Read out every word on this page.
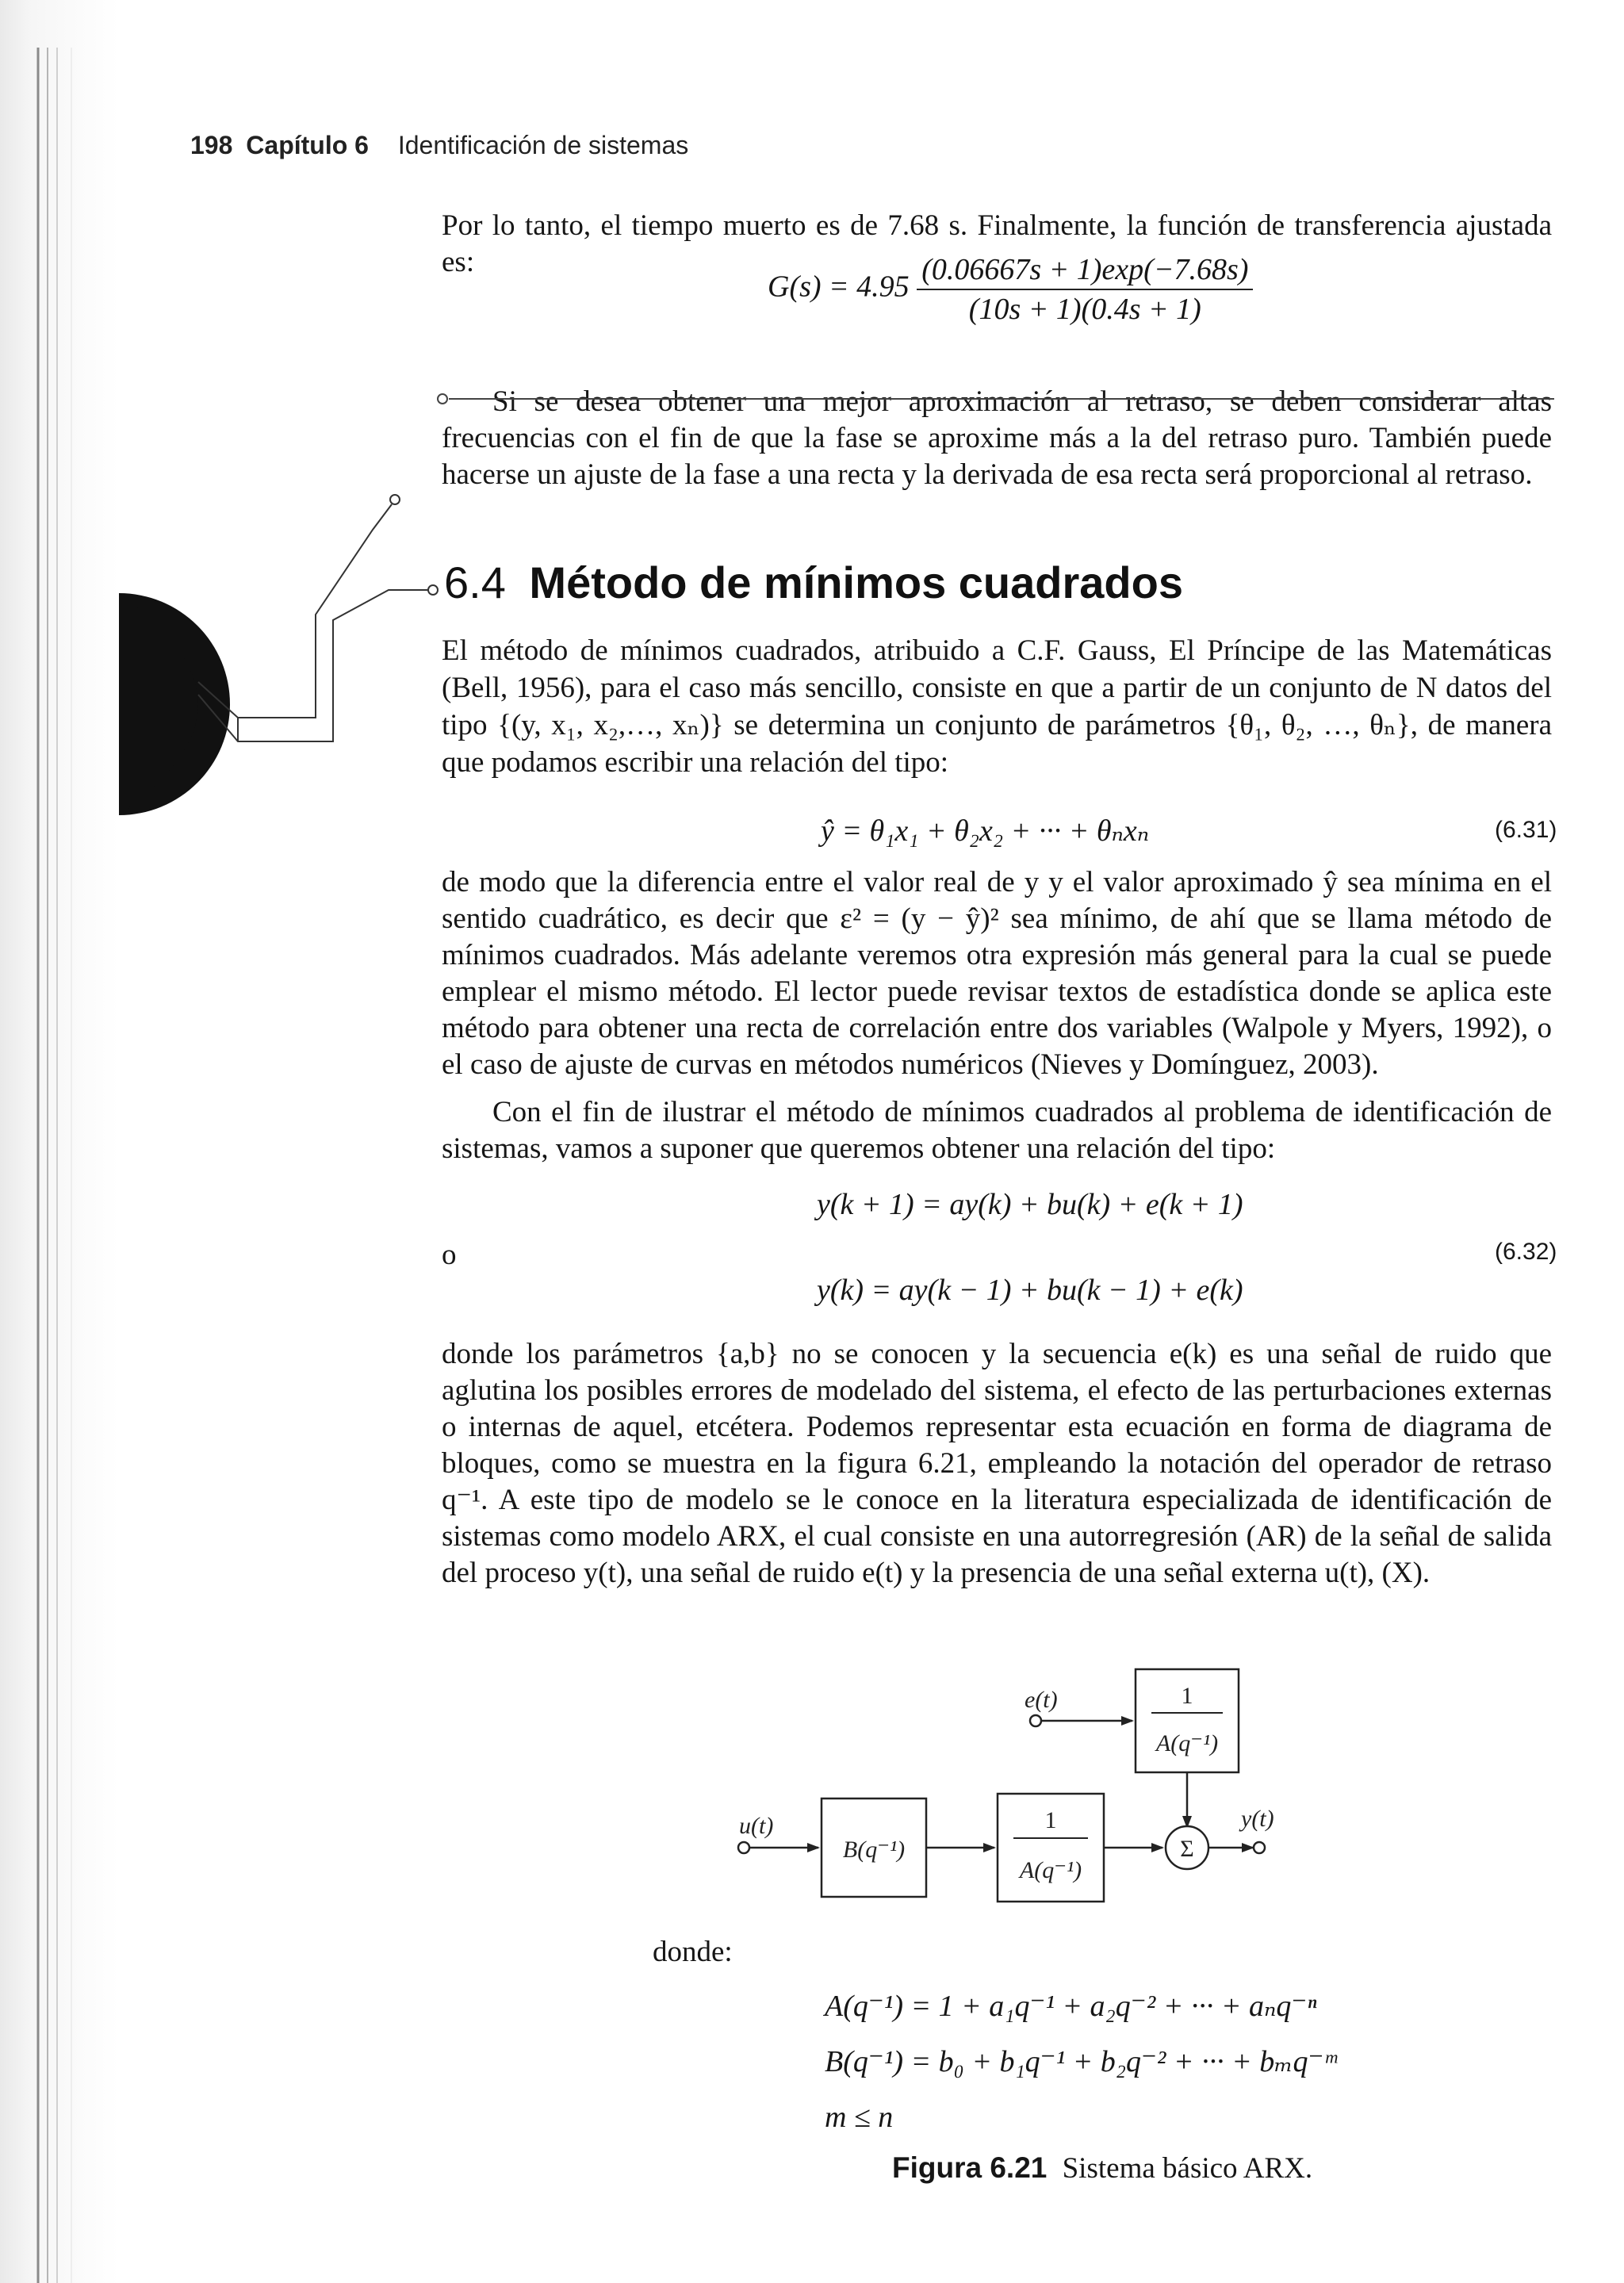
198 Capítulo 6 Identificación de sistemas

Por lo tanto, el tiempo muerto es de 7.68 s. Finalmente, la función de transferencia ajustada es:

$G(s) = 4.95 \frac{(0.06667s + 1)\exp(-7.68s)}{(10s + 1)(0.4s + 1)}$

Si se desea obtener una mejor aproximación al retraso, se deben considerar altas frecuencias con el fin de que la fase se aproxime más a la del retraso puro. También puede hacerse un ajuste de la fase a una recta y la derivada de esa recta será proporcional al retraso.

6.4 Método de mínimos cuadrados

El método de mínimos cuadrados, atribuido a C.F. Gauss, El Príncipe de las Matemáticas (Bell, 1956), para el caso más sencillo, consiste en que a partir de un conjunto de N datos del tipo {(y, x₁, x₂,…, xₙ)} se determina un conjunto de parámetros {θ₁, θ₂, …, θₙ}, de manera que podamos escribir una relación del tipo:

ŷ = θ₁x₁ + θ₂x₂ + ··· + θₙxₙ	(6.31)

de modo que la diferencia entre el valor real de y y el valor aproximado ŷ sea mínima en el sentido cuadrático, es decir que ε² = (y − ŷ)² sea mínimo, de ahí que se llama método de mínimos cuadrados. Más adelante veremos otra expresión más general para la cual se puede emplear el mismo método. El lector puede revisar textos de estadística donde se aplica este método para obtener una recta de correlación entre dos variables (Walpole y Myers, 1992), o el caso de ajuste de curvas en métodos numéricos (Nieves y Domínguez, 2003).

Con el fin de ilustrar el método de mínimos cuadrados al problema de identificación de sistemas, vamos a suponer que queremos obtener una relación del tipo:

y(k + 1) = ay(k) + bu(k) + e(k + 1)
o	(6.32)
y(k) = ay(k − 1) + bu(k − 1) + e(k)

donde los parámetros {a,b} no se conocen y la secuencia e(k) es una señal de ruido que aglutina los posibles errores de modelado del sistema, el efecto de las perturbaciones externas o internas de aquel, etcétera. Podemos representar esta ecuación en forma de diagrama de bloques, como se muestra en la figura 6.21, empleando la notación del operador de retraso q⁻¹. A este tipo de modelo se le conoce en la literatura especializada de identificación de sistemas como modelo ARX, el cual consiste en una autorregresión (AR) de la señal de salida del proceso y(t), una señal de ruido e(t) y la presencia de una señal externa u(t), (X).

e(t)	1
A(q⁻¹)
u(t)
B(q⁻¹)
1
A(q⁻¹)
Σ
y(t)
donde:
A(q⁻¹) = 1 + a₁q⁻¹ + a₂q⁻² + ··· + aₙq⁻ⁿ
B(q⁻¹) = b₀ + b₁q⁻¹ + b₂q⁻² + ··· + bₘq⁻ᵐ
m ≤ n
Figura 6.21 Sistema básico ARX.
